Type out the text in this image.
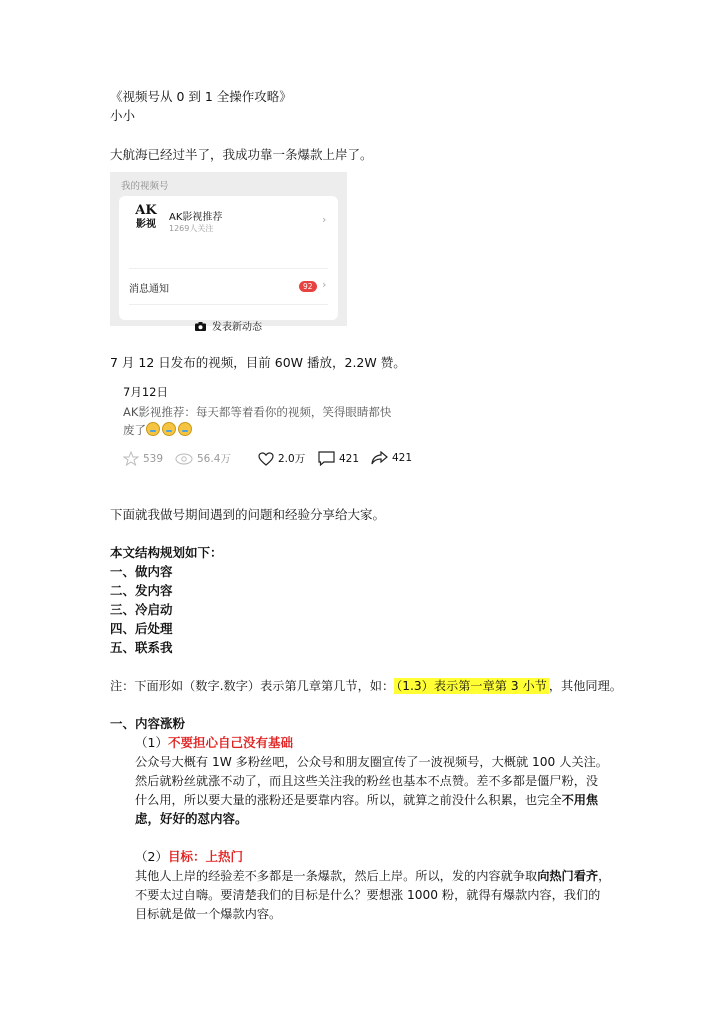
《视频号从 0 到 1 全操作攻略》
小小
大航海已经过半了，我成功靠一条爆款上岸了。
我的视频号
AK
影视
AK影视推荐
1269人关注
›
消息通知	92 ›
发表新动态
7 月 12 日发布的视频，目前 60W 播放，2.2W 赞。
7月12日
AK影视推荐：每天都等着看你的视频，笑得眼睛都快
废了
539	56.4万	2.0万	421	421
下面就我做号期间遇到的问题和经验分享给大家。
本文结构规划如下：
一、做内容
二、发内容
三、冷启动
四、后处理
五、联系我
注：下面形如（数字.数字）表示第几章第几节，如： （1.3）表示第一章第 3 小节 ，其他同理。
一、内容涨粉
（1）不要担心自己没有基础
公众号大概有 1W 多粉丝吧，公众号和朋友圈宣传了一波视频号，大概就 100 人关注。
然后就粉丝就涨不动了，而且这些关注我的粉丝也基本不点赞。差不多都是僵尸粉，没
什么用，所以要大量的涨粉还是要靠内容。所以，就算之前没什么积累，也完全不用焦
虑，好好的怼内容。
（2）目标：上热门
其他人上岸的经验差不多都是一条爆款，然后上岸。所以，发的内容就争取向热门看齐，
不要太过自嗨。要清楚我们的目标是什么？要想涨 1000 粉，就得有爆款内容，我们的
目标就是做一个爆款内容。
